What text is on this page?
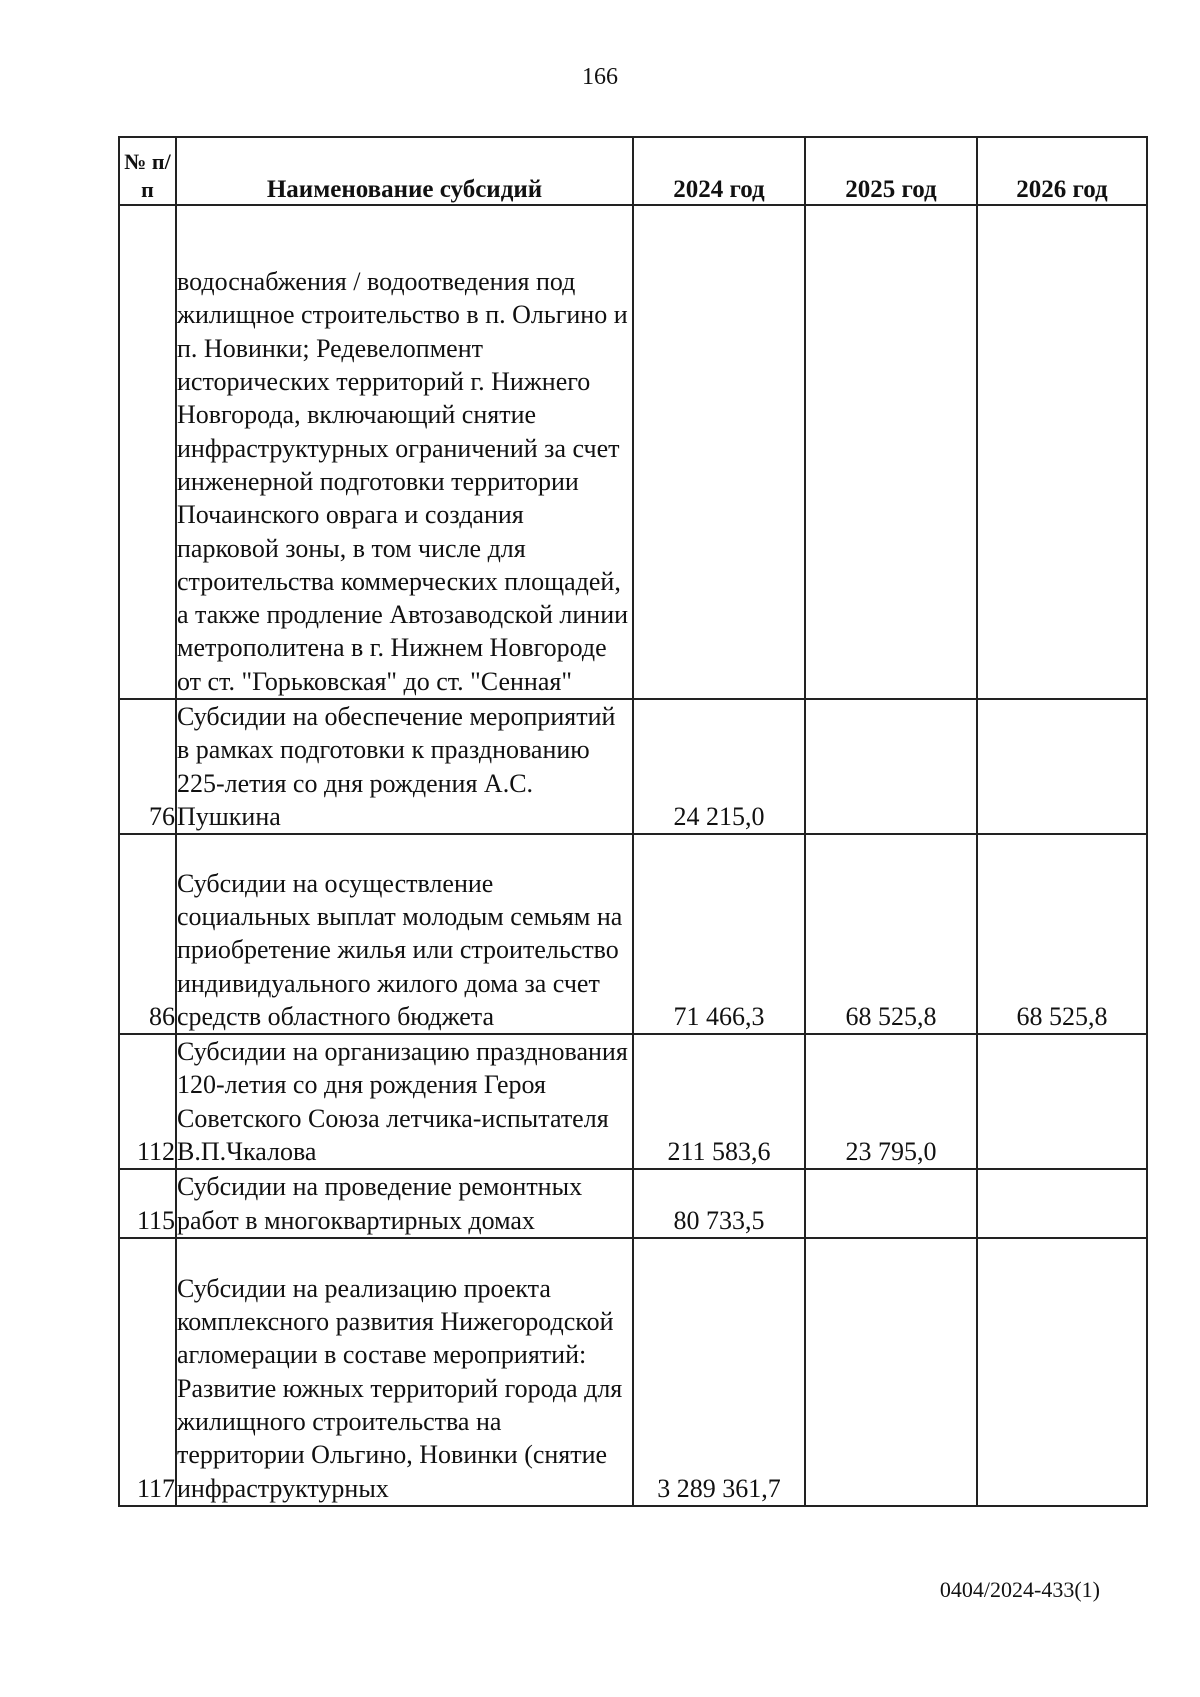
166
№ п/п	Наименование субсидий	2024 год	2025 год	2026 год
	водоснабжения / водоотведения под жилищное строительство в п. Ольгино и п. Новинки; Редевелопмент исторических территорий г. Нижнего Новгорода, включающий снятие инфраструктурных ограничений за счет инженерной подготовки территории Почаинского оврага и создания парковой зоны, в том числе для строительства коммерческих площадей, а также продление Автозаводской линии метрополитена в г. Нижнем Новгороде от ст. "Горьковская" до ст. "Сенная"			
76	Субсидии на обеспечение мероприятий в рамках подготовки к празднованию 225-летия со дня рождения А.С. Пушкина	24 215,0		
86	Субсидии на осуществление социальных выплат молодым семьям на приобретение жилья или строительство индивидуального жилого дома за счет средств областного бюджета	71 466,3	68 525,8	68 525,8
112	Субсидии на организацию празднования 120-летия со дня рождения Героя Советского Союза летчика-испытателя В.П.Чкалова	211 583,6	23 795,0	
115	Субсидии на проведение ремонтных работ в многоквартирных домах	80 733,5		
117	Субсидии на реализацию проекта комплексного развития Нижегородской агломерации в составе мероприятий: Развитие южных территорий города для жилищного строительства на территории Ольгино, Новинки (снятие инфраструктурных	3 289 361,7		
0404/2024-433(1)
